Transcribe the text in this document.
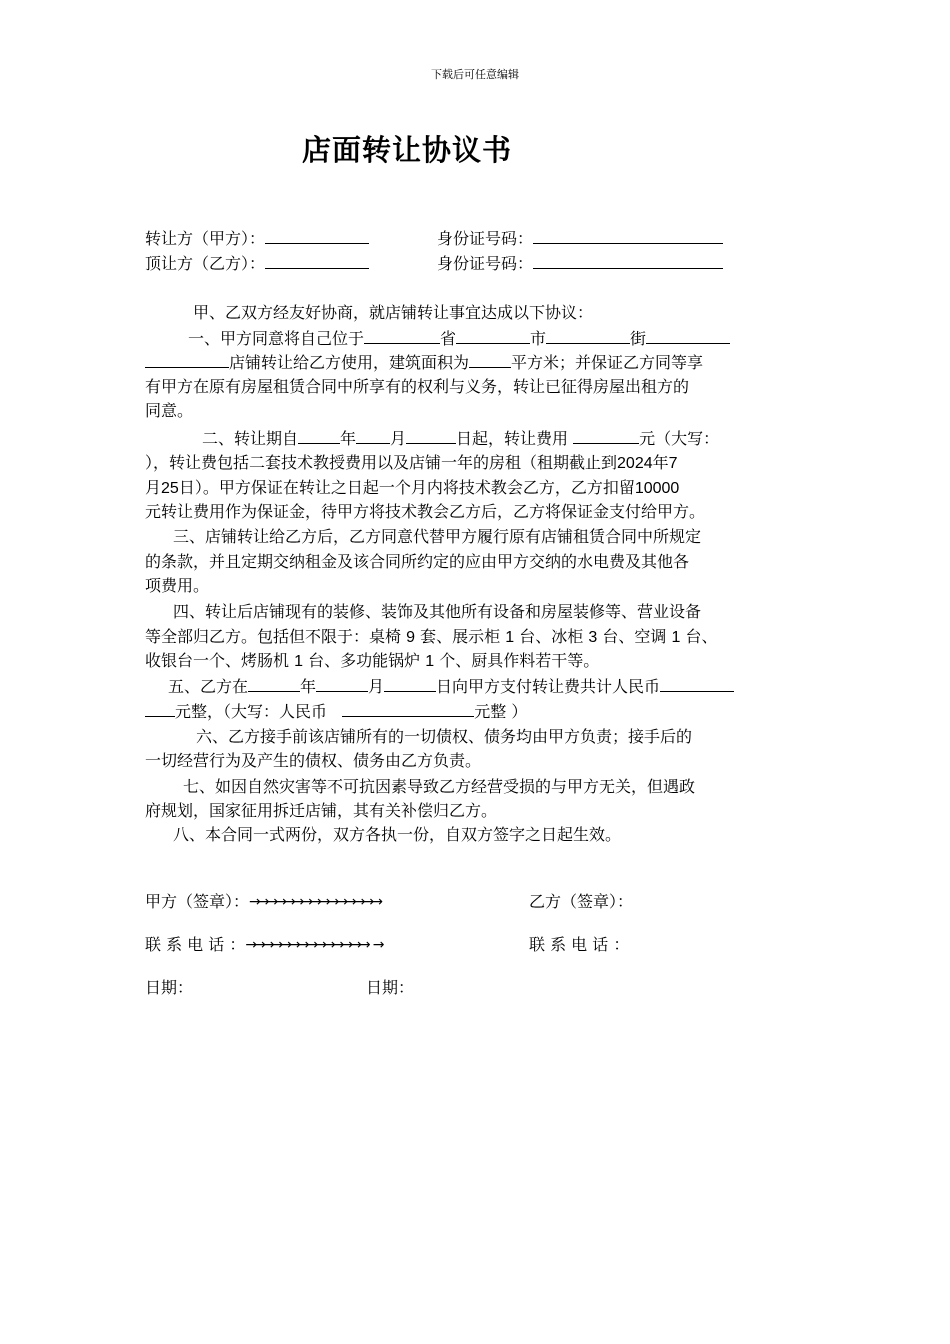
下载后可任意编辑
店面转让协议书
转让方（甲方）：	身份证号码：
顶让方（乙方）：	身份证号码：
甲、乙双方经友好协商，就店铺转让事宜达成以下协议：
一、甲方同意将自己位于	省	市	街
店铺转让给乙方使用，建筑面积为	平方米；并保证乙方同等享
有甲方在原有房屋租赁合同中所享有的权利与义务，转让已征得房屋出租方的
同意。
二、转让期自	年 月	日起，转让费用	元（大写：
），转让费包括二套技术教授费用以及店铺一年的房租（租期截止到2024年7
月25日）。甲方保证在转让之日起一个月内将技术教会乙方，乙方扣留10000
元转让费用作为保证金，待甲方将技术教会乙方后，乙方将保证金支付给甲方。
三、店铺转让给乙方后，乙方同意代替甲方履行原有店铺租赁合同中所规定
的条款，并且定期交纳租金及该合同所约定的应由甲方交纳的水电费及其他各
项费用。
四、转让后店铺现有的装修、装饰及其他所有设备和房屋装修等、营业设备
等全部归乙方。包括但不限于：桌椅 9 套、展示柜 1 台、冰柜 3 台、空调 1 台、
收银台一个、烤肠机 1 台、多功能锅炉 1 个、厨具作料若干等。
五、乙方在	年	月	日向甲方支付转让费共计人民币
元整，（大写：人民币	元整 ）
六、乙方接手前该店铺所有的一切债权、债务均由甲方负责；接手后的
一切经营行为及产生的债权、债务由乙方负责。
七、如因自然灾害等不可抗因素导致乙方经营受损的与甲方无关，但遇政
府规划，国家征用拆迁店铺，其有关补偿归乙方。
八、本合同一式两份，双方各执一份，自双方签字之日起生效。
甲方（签章）：→→→→→→→→→→→→→→→	乙方（签章）：
联 系 电 话 ：→→→→→→→→→→→→→→ →	联 系 电 话 ：
日期：	日期：
